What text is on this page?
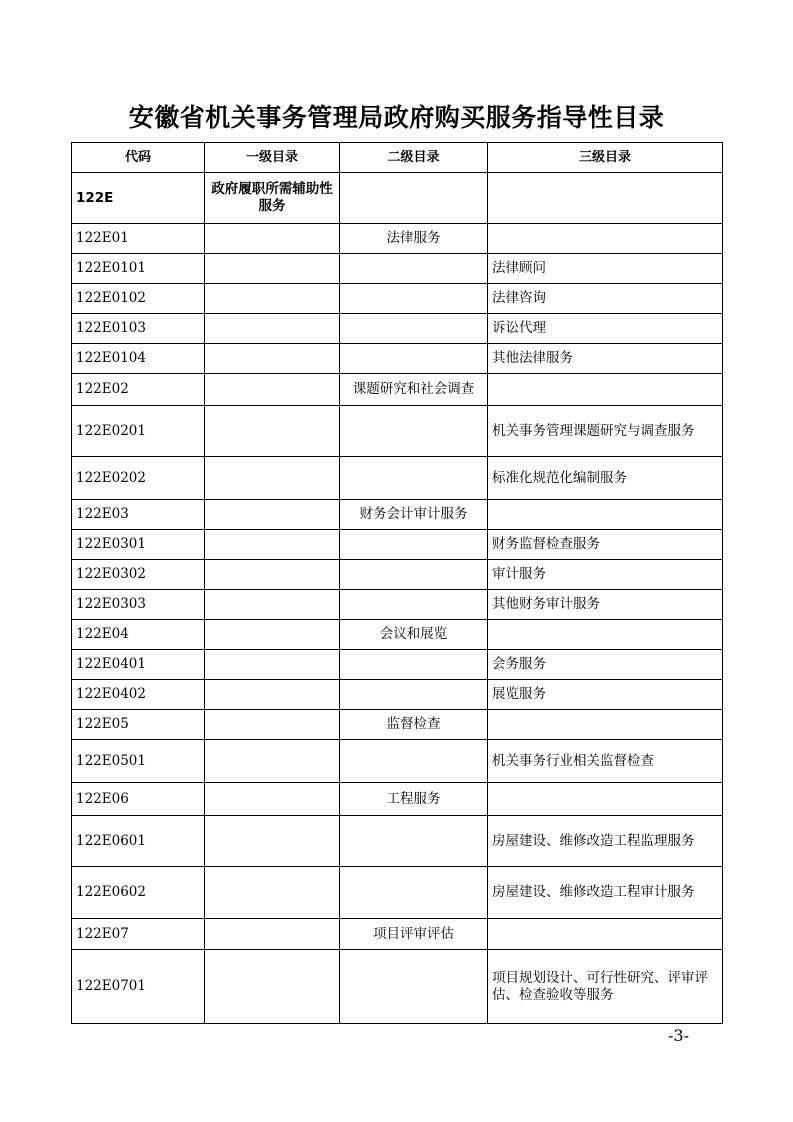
安徽省机关事务管理局政府购买服务指导性目录
代码	一级目录	二级目录	三级目录
122E	政府履职所需辅助性服务		
122E01		法律服务	
122E0101			法律顾问
122E0102			法律咨询
122E0103			诉讼代理
122E0104			其他法律服务
122E02		课题研究和社会调查	
122E0201			机关事务管理课题研究与调查服务
122E0202			标准化规范化编制服务
122E03		财务会计审计服务	
122E0301			财务监督检查服务
122E0302			审计服务
122E0303			其他财务审计服务
122E04		会议和展览	
122E0401			会务服务
122E0402			展览服务
122E05		监督检查	
122E0501			机关事务行业相关监督检查
122E06		工程服务	
122E0601			房屋建设、维修改造工程监理服务
122E0602			房屋建设、维修改造工程审计服务
122E07		项目评审评估	
122E0701			项目规划设计、可行性研究、评审评估、检查验收等服务
-3-
